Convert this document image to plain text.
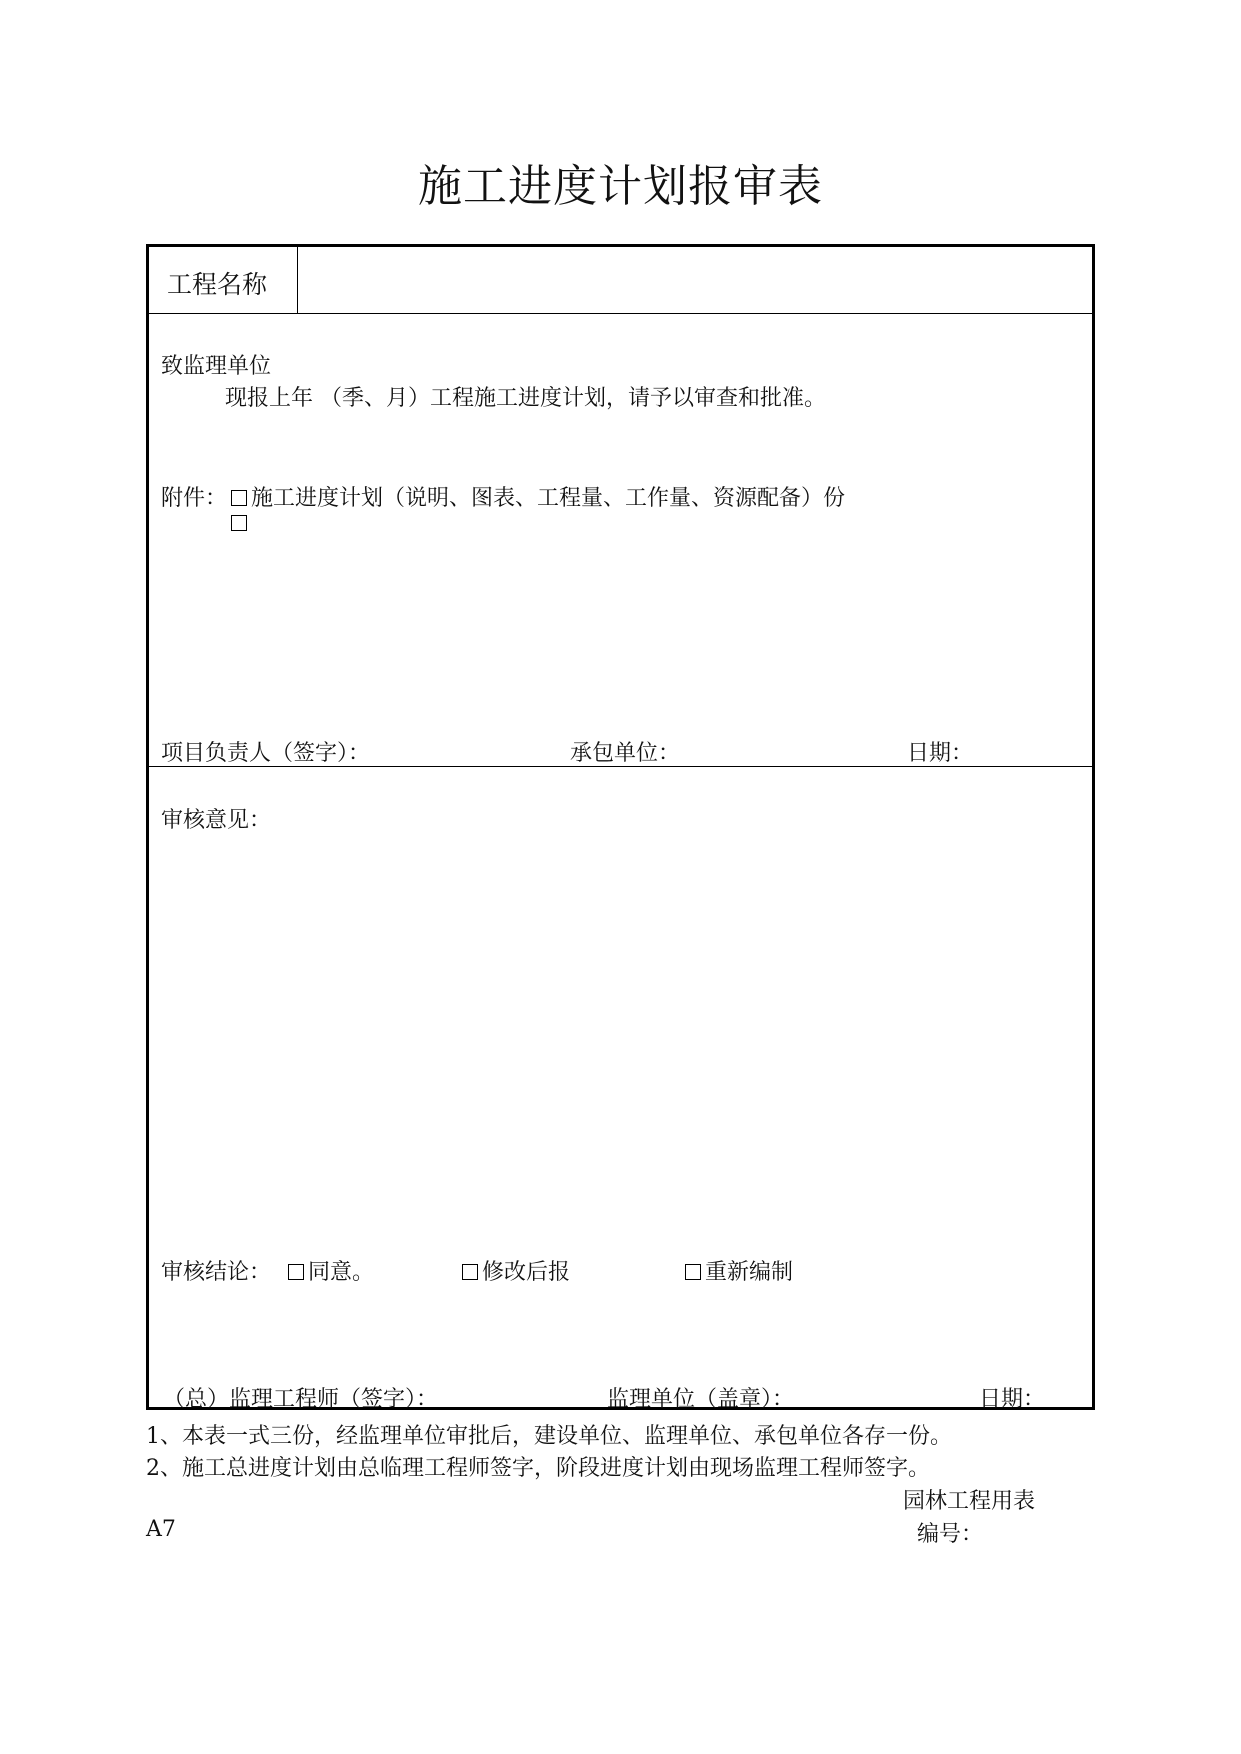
施工进度计划报审表
工程名称
致监理单位
现报上年 （季、月）工程施工进度计划，请予以审查和批准。
附件：	施工进度计划（说明、图表、工程量、工作量、资源配备）份
项目负责人（签字）：	承包单位：	日期：
审核意见：
审核结论：	同意。	修改后报	重新编制
（总）监理工程师（签字）：	监理单位（盖章）：	日期：
1、本表一式三份，经监理单位审批后，建设单位、监理单位、承包单位各存一份。
2、施工总进度计划由总临理工程师签字，阶段进度计划由现场监理工程师签字。
园林工程用表
A7	编号：
